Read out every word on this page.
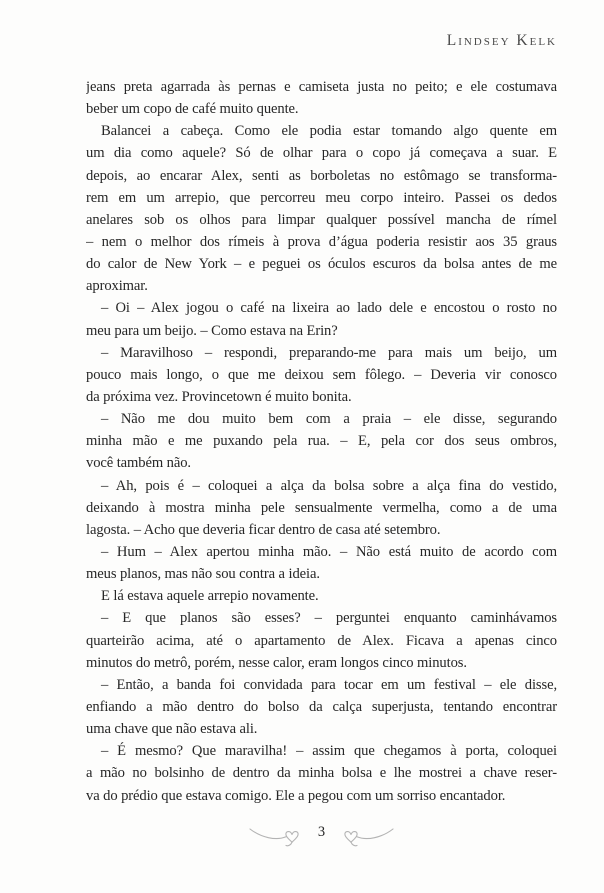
Lindsey Kelk
jeans preta agarrada às pernas e camiseta justa no peito; e ele costumava
beber um copo de café muito quente.
Balancei a cabeça. Como ele podia estar tomando algo quente em
um dia como aquele? Só de olhar para o copo já começava a suar. E
depois, ao encarar Alex, senti as borboletas no estômago se transforma-
rem em um arrepio, que percorreu meu corpo inteiro. Passei os dedos
anelares sob os olhos para limpar qualquer possível mancha de rímel
– nem o melhor dos rímeis à prova d’água poderia resistir aos 35 graus
do calor de New York – e peguei os óculos escuros da bolsa antes de me
aproximar.
– Oi – Alex jogou o café na lixeira ao lado dele e encostou o rosto no
meu para um beijo. – Como estava na Erin?
– Maravilhoso – respondi, preparando-me para mais um beijo, um
pouco mais longo, o que me deixou sem fôlego. – Deveria vir conosco
da próxima vez. Provincetown é muito bonita.
– Não me dou muito bem com a praia – ele disse, segurando
minha mão e me puxando pela rua. – E, pela cor dos seus ombros,
você também não.
– Ah, pois é – coloquei a alça da bolsa sobre a alça fina do vestido,
deixando à mostra minha pele sensualmente vermelha, como a de uma
lagosta. – Acho que deveria ficar dentro de casa até setembro.
– Hum – Alex apertou minha mão. – Não está muito de acordo com
meus planos, mas não sou contra a ideia.
E lá estava aquele arrepio novamente.
– E que planos são esses? – perguntei enquanto caminhávamos
quarteirão acima, até o apartamento de Alex. Ficava a apenas cinco
minutos do metrô, porém, nesse calor, eram longos cinco minutos.
– Então, a banda foi convidada para tocar em um festival – ele disse,
enfiando a mão dentro do bolso da calça superjusta, tentando encontrar
uma chave que não estava ali.
– É mesmo? Que maravilha! – assim que chegamos à porta, coloquei
a mão no bolsinho de dentro da minha bolsa e lhe mostrei a chave reser-
va do prédio que estava comigo. Ele a pegou com um sorriso encantador.
3
